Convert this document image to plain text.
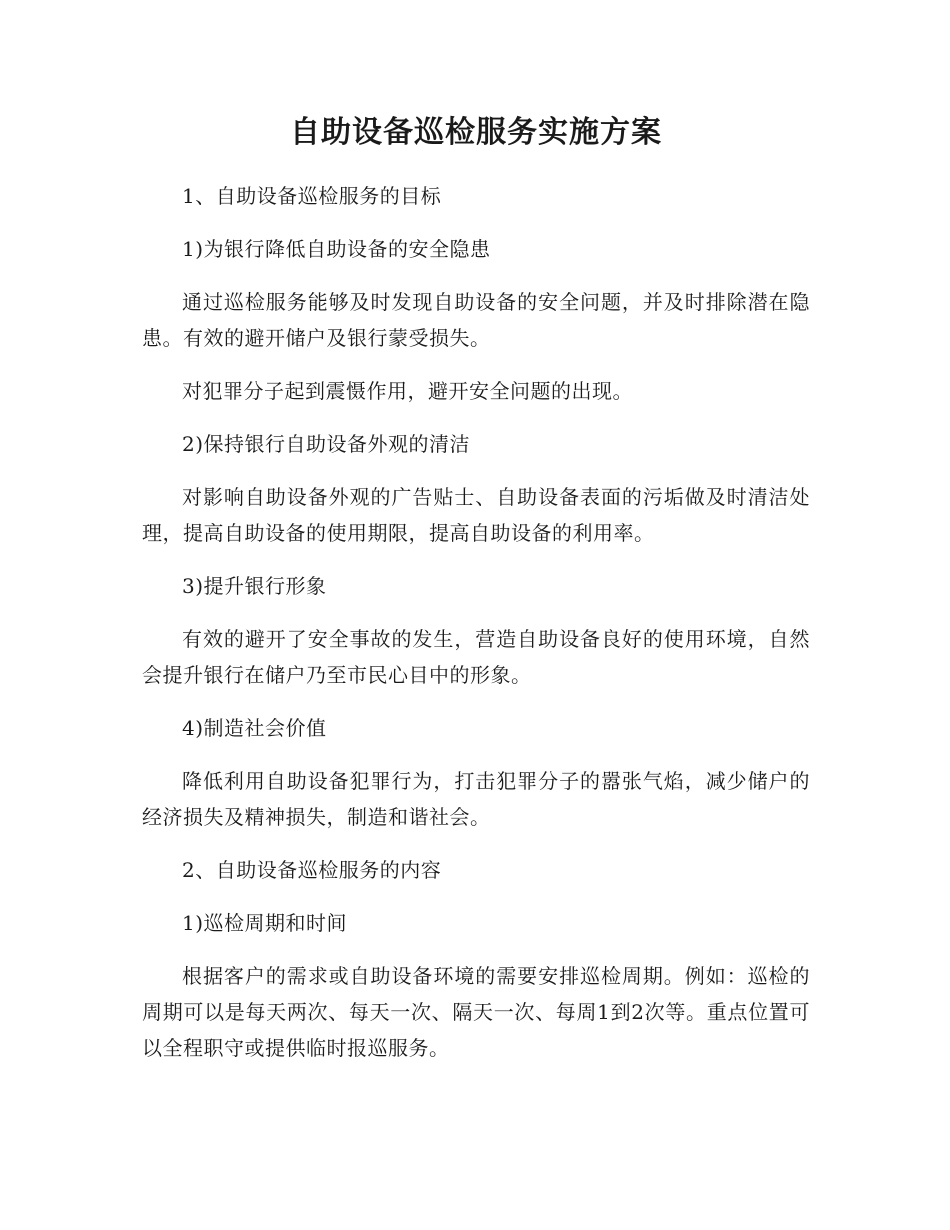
自助设备巡检服务实施方案

1、自助设备巡检服务的目标

1)为银行降低自助设备的安全隐患

通过巡检服务能够及时发现自助设备的安全问题，并及时排除潜在隐患。有效的避开储户及银行蒙受损失。

对犯罪分子起到震慑作用，避开安全问题的出现。

2)保持银行自助设备外观的清洁

对影响自助设备外观的广告贴士、自助设备表面的污垢做及时清洁处理，提高自助设备的使用期限，提高自助设备的利用率。

3)提升银行形象

有效的避开了安全事故的发生，营造自助设备良好的使用环境，自然会提升银行在储户乃至市民心目中的形象。

4)制造社会价值

降低利用自助设备犯罪行为，打击犯罪分子的嚣张气焰，减少储户的经济损失及精神损失，制造和谐社会。

2、自助设备巡检服务的内容

1)巡检周期和时间

根据客户的需求或自助设备环境的需要安排巡检周期。例如：巡检的周期可以是每天两次、每天一次、隔天一次、每周1到2次等。重点位置可以全程职守或提供临时报巡服务。
